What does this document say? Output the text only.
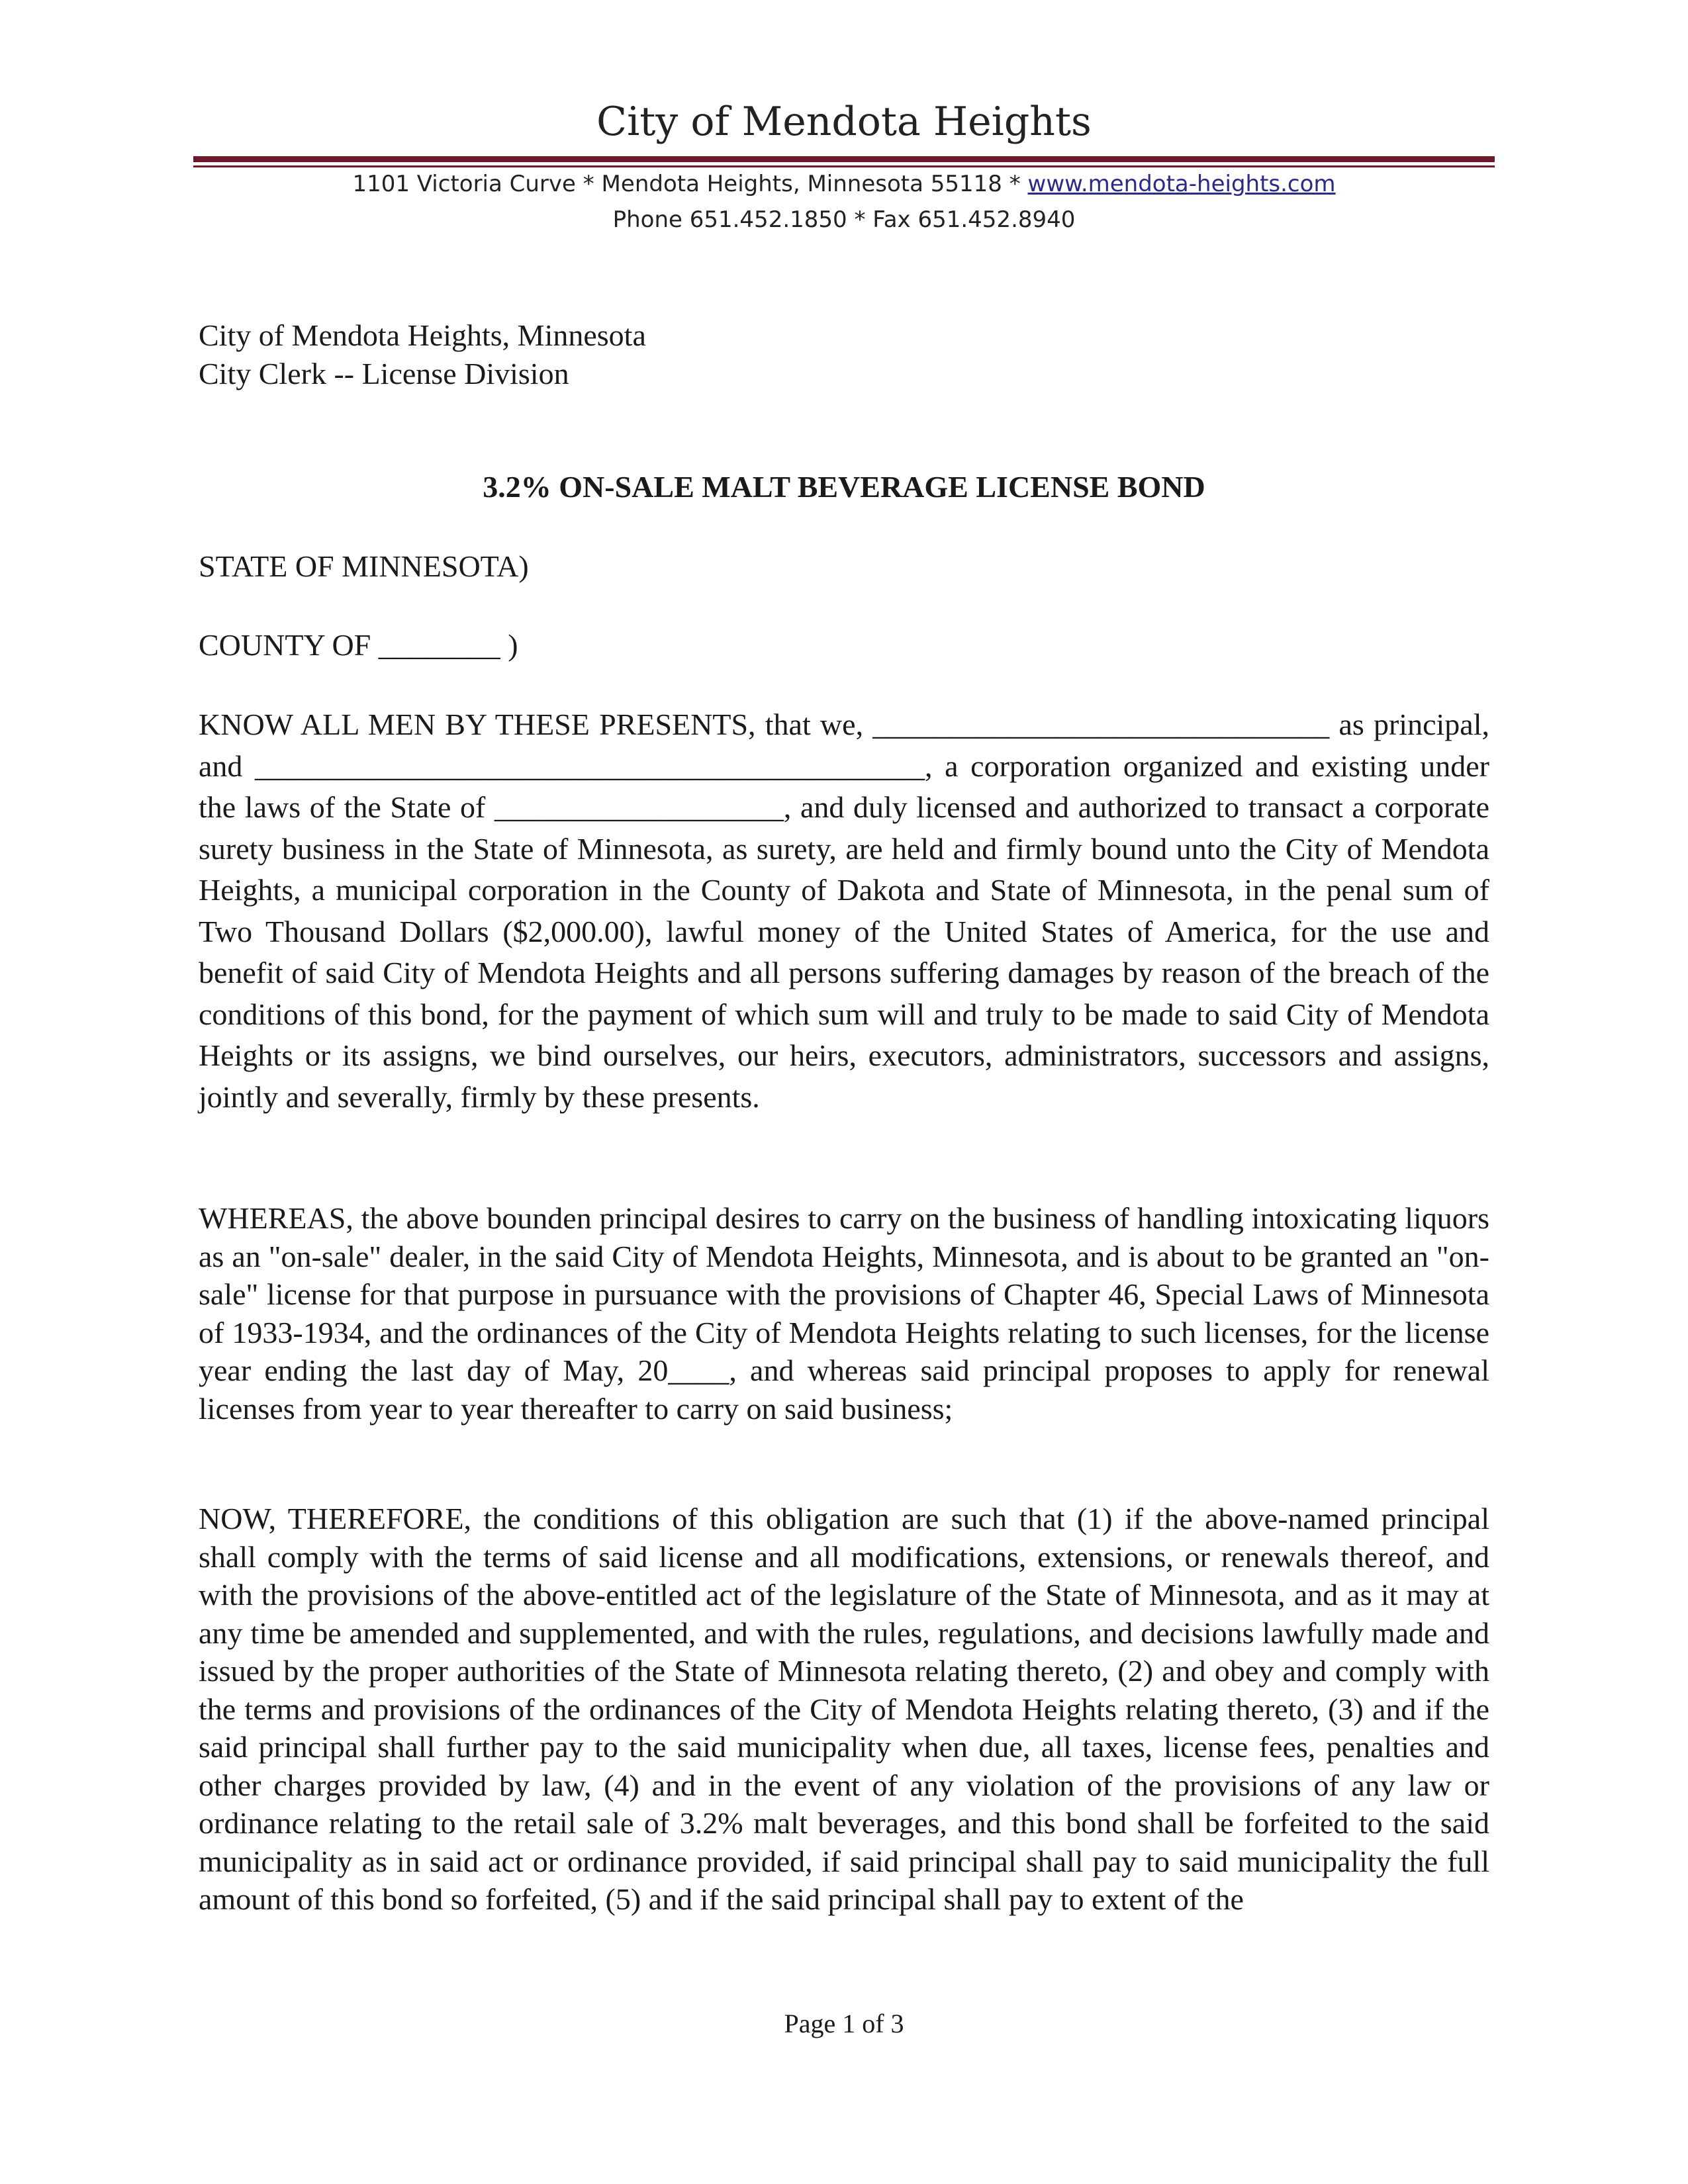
City of Mendota Heights
1101 Victoria Curve * Mendota Heights, Minnesota 55118 * www.mendota-heights.com
Phone 651.452.1850 * Fax 651.452.8940
City of Mendota Heights, Minnesota
City Clerk -- License Division
3.2% ON-SALE MALT BEVERAGE LICENSE BOND
STATE OF MINNESOTA)
COUNTY OF ________ )
KNOW ALL MEN BY THESE PRESENTS, that we, ______________________________ as principal, and ____________________________________________, a corporation organized and existing under the laws of the State of ___________________, and duly licensed and authorized to transact a corporate surety business in the State of Minnesota, as surety, are held and firmly bound unto the City of Mendota Heights, a municipal corporation in the County of Dakota and State of Minnesota, in the penal sum of Two Thousand Dollars ($2,000.00), lawful money of the United States of America, for the use and benefit of said City of Mendota Heights and all persons suffering damages by reason of the breach of the conditions of this bond, for the payment of which sum will and truly to be made to said City of Mendota Heights or its assigns, we bind ourselves, our heirs, executors, administrators, successors and assigns, jointly and severally, firmly by these presents.
WHEREAS, the above bounden principal desires to carry on the business of handling intoxicating liquors as an "on-sale" dealer, in the said City of Mendota Heights, Minnesota, and is about to be granted an "on-sale" license for that purpose in pursuance with the provisions of Chapter 46, Special Laws of Minnesota of 1933-1934, and the ordinances of the City of Mendota Heights relating to such licenses, for the license year ending the last day of May, 20____, and whereas said principal proposes to apply for renewal licenses from year to year thereafter to carry on said business;
NOW, THEREFORE, the conditions of this obligation are such that (1) if the above-named principal shall comply with the terms of said license and all modifications, extensions, or renewals thereof, and with the provisions of the above-entitled act of the legislature of the State of Minnesota, and as it may at any time be amended and supplemented, and with the rules, regulations, and decisions lawfully made and issued by the proper authorities of the State of Minnesota relating thereto, (2) and obey and comply with the terms and provisions of the ordinances of the City of Mendota Heights relating thereto, (3) and if the said principal shall further pay to the said municipality when due, all taxes, license fees, penalties and other charges provided by law, (4) and in the event of any violation of the provisions of any law or ordinance relating to the retail sale of 3.2% malt beverages, and this bond shall be forfeited to the said municipality as in said act or ordinance provided, if said principal shall pay to said municipality the full amount of this bond so forfeited, (5) and if the said principal shall pay to extent of the
Page 1 of 3
